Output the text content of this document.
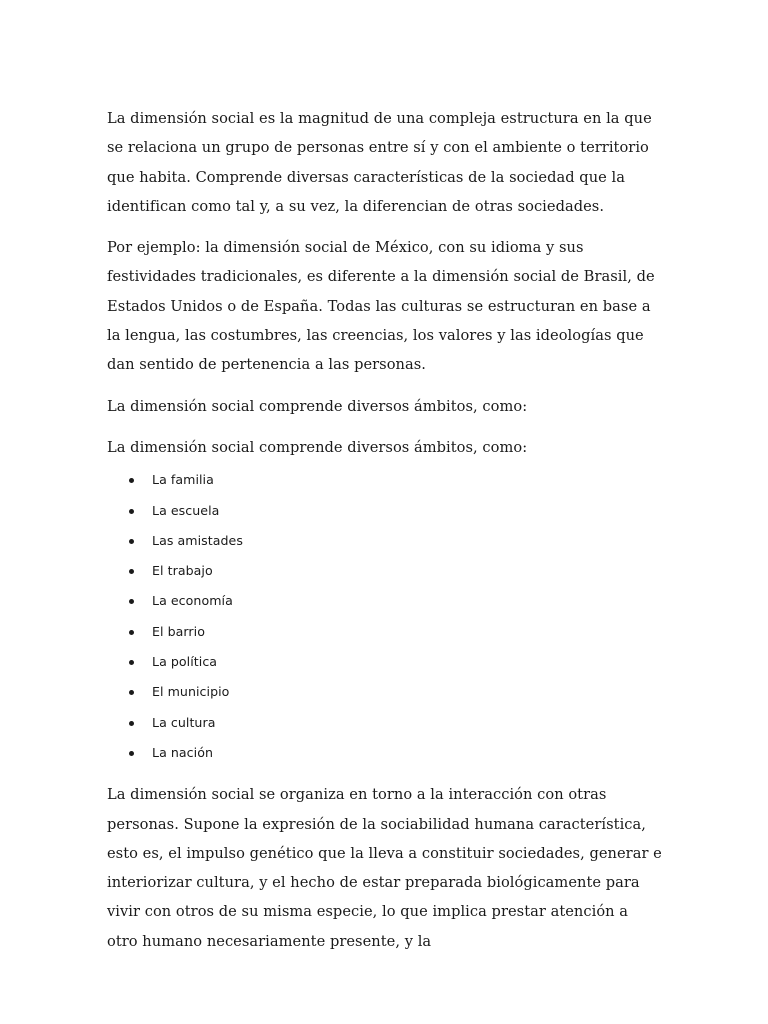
La dimensión social es la magnitud de una compleja estructura en la que se relaciona un grupo de personas entre sí y con el ambiente o territorio que habita. Comprende diversas características de la sociedad que la identifican como tal y, a su vez, la diferencian de otras sociedades.

Por ejemplo: la dimensión social de México, con su idioma y sus festividades tradicionales, es diferente a la dimensión social de Brasil, de Estados Unidos o de España. Todas las culturas se estructuran en base a la lengua, las costumbres, las creencias, los valores y las ideologías que dan sentido de pertenencia a las personas.

La dimensión social comprende diversos ámbitos, como:

La dimensión social comprende diversos ámbitos, como:

La familia
La escuela
Las amistades
El trabajo
La economía
El barrio
La política
El municipio
La cultura
La nación

La dimensión social se organiza en torno a la interacción con otras personas. Supone la expresión de la sociabilidad humana característica, esto es, el impulso genético que la lleva a constituir sociedades, generar e interiorizar cultura, y el hecho de estar preparada biológicamente para vivir con otros de su misma especie, lo que implica prestar atención a otro humano necesariamente presente, y la
